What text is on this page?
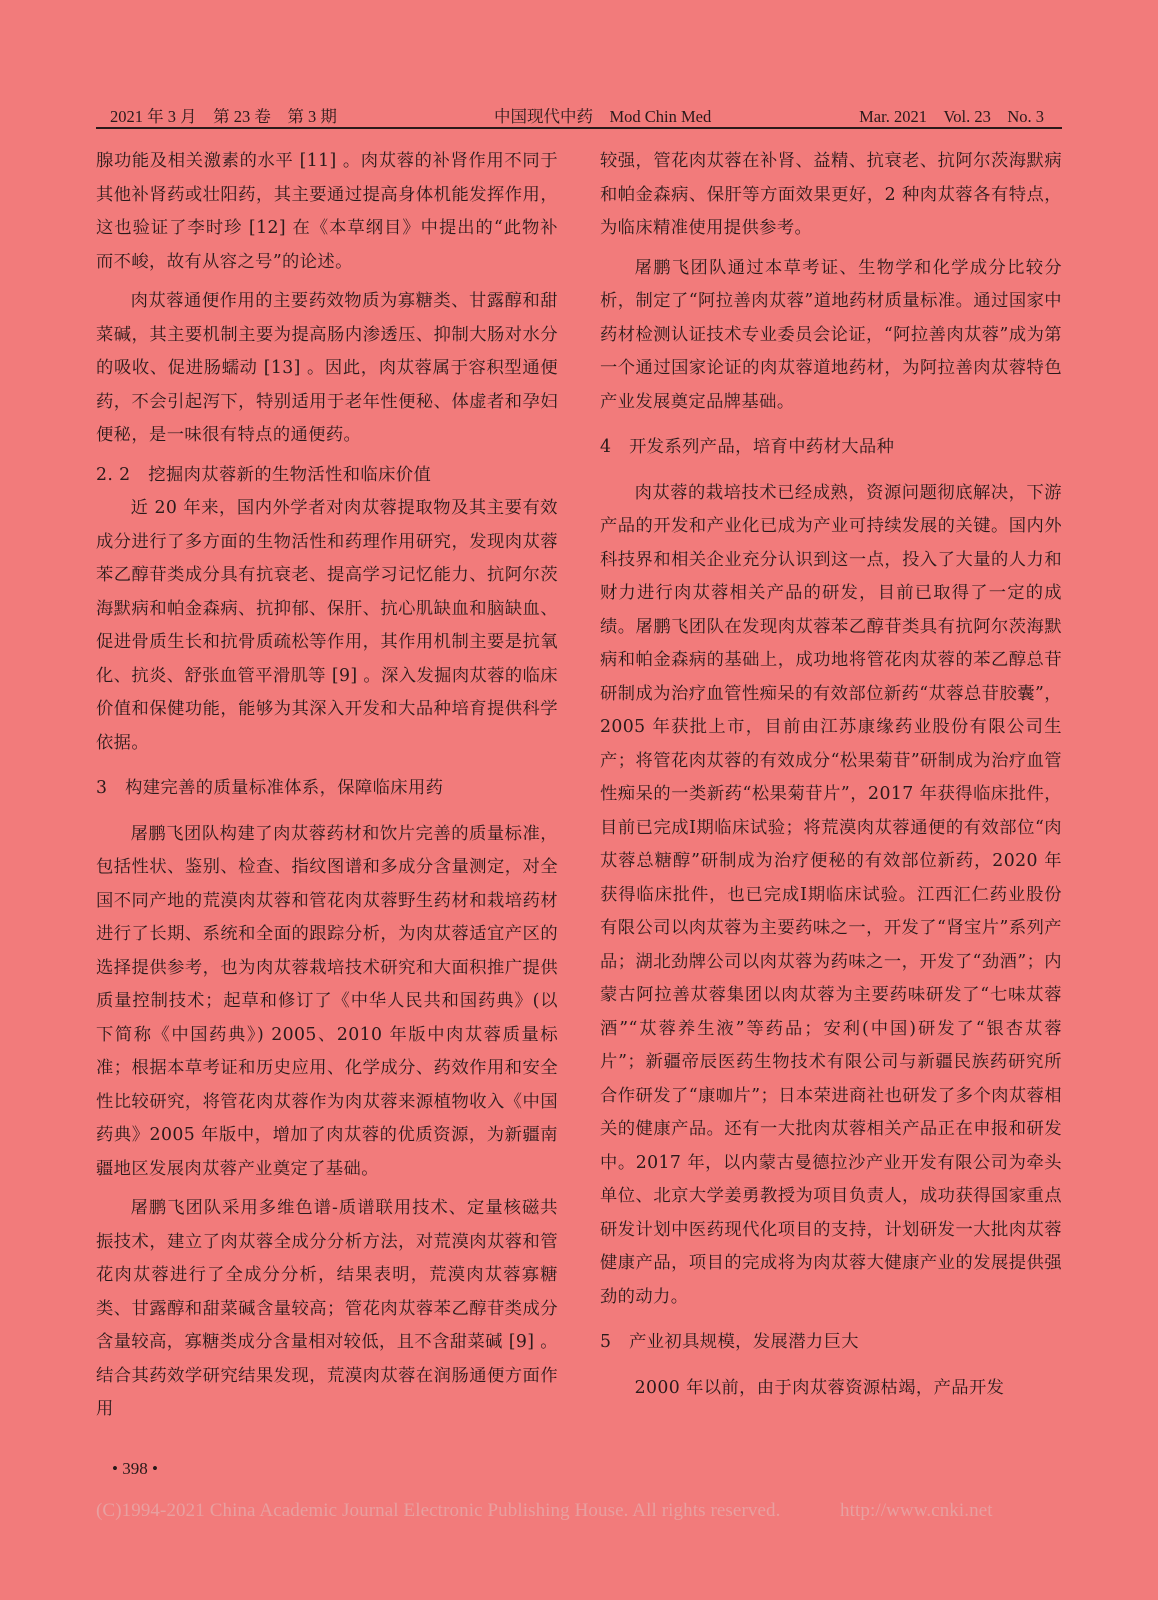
2021 年 3 月　第 23 卷　第 3 期	中国现代中药　Mod Chin Med	Mar. 2021　Vol. 23　No. 3

腺功能及相关激素的水平 [11] 。肉苁蓉的补肾作用不同于其他补肾药或壮阳药，其主要通过提高身体机能发挥作用，这也验证了李时珍 [12] 在《本草纲目》中提出的“此物补而不峻，故有从容之号”的论述。

肉苁蓉通便作用的主要药效物质为寡糖类、甘露醇和甜菜碱，其主要机制主要为提高肠内渗透压、抑制大肠对水分的吸收、促进肠蠕动 [13] 。因此，肉苁蓉属于容积型通便药，不会引起泻下，特别适用于老年性便秘、体虚者和孕妇便秘，是一味很有特点的通便药。

2. 2　挖掘肉苁蓉新的生物活性和临床价值

近 20 年来，国内外学者对肉苁蓉提取物及其主要有效成分进行了多方面的生物活性和药理作用研究，发现肉苁蓉苯乙醇苷类成分具有抗衰老、提高学习记忆能力、抗阿尔茨海默病和帕金森病、抗抑郁、保肝、抗心肌缺血和脑缺血、促进骨质生长和抗骨质疏松等作用，其作用机制主要是抗氧化、抗炎、舒张血管平滑肌等 [9] 。深入发掘肉苁蓉的临床价值和保健功能，能够为其深入开发和大品种培育提供科学依据。

3　构建完善的质量标准体系，保障临床用药

屠鹏飞团队构建了肉苁蓉药材和饮片完善的质量标准，包括性状、鉴别、检查、指纹图谱和多成分含量测定，对全国不同产地的荒漠肉苁蓉和管花肉苁蓉野生药材和栽培药材进行了长期、系统和全面的跟踪分析，为肉苁蓉适宜产区的选择提供参考，也为肉苁蓉栽培技术研究和大面积推广提供质量控制技术；起草和修订了《中华人民共和国药典》(以下简称《中国药典》) 2005、2010 年版中肉苁蓉质量标准；根据本草考证和历史应用、化学成分、药效作用和安全性比较研究，将管花肉苁蓉作为肉苁蓉来源植物收入《中国药典》2005 年版中，增加了肉苁蓉的优质资源，为新疆南疆地区发展肉苁蓉产业奠定了基础。

屠鹏飞团队采用多维色谱-质谱联用技术、定量核磁共振技术，建立了肉苁蓉全成分分析方法，对荒漠肉苁蓉和管花肉苁蓉进行了全成分分析，结果表明，荒漠肉苁蓉寡糖类、甘露醇和甜菜碱含量较高；管花肉苁蓉苯乙醇苷类成分含量较高，寡糖类成分含量相对较低，且不含甜菜碱 [9] 。结合其药效学研究结果发现，荒漠肉苁蓉在润肠通便方面作用

较强，管花肉苁蓉在补肾、益精、抗衰老、抗阿尔茨海默病和帕金森病、保肝等方面效果更好，2 种肉苁蓉各有特点，为临床精准使用提供参考。

屠鹏飞团队通过本草考证、生物学和化学成分比较分析，制定了“阿拉善肉苁蓉”道地药材质量标准。通过国家中药材检测认证技术专业委员会论证，“阿拉善肉苁蓉”成为第一个通过国家论证的肉苁蓉道地药材，为阿拉善肉苁蓉特色产业发展奠定品牌基础。

4　开发系列产品，培育中药材大品种

肉苁蓉的栽培技术已经成熟，资源问题彻底解决，下游产品的开发和产业化已成为产业可持续发展的关键。国内外科技界和相关企业充分认识到这一点，投入了大量的人力和财力进行肉苁蓉相关产品的研发，目前已取得了一定的成绩。屠鹏飞团队在发现肉苁蓉苯乙醇苷类具有抗阿尔茨海默病和帕金森病的基础上，成功地将管花肉苁蓉的苯乙醇总苷研制成为治疗血管性痴呆的有效部位新药“苁蓉总苷胶囊”，2005 年获批上市，目前由江苏康缘药业股份有限公司生产；将管花肉苁蓉的有效成分“松果菊苷”研制成为治疗血管性痴呆的一类新药“松果菊苷片”，2017 年获得临床批件，目前已完成Ⅰ期临床试验；将荒漠肉苁蓉通便的有效部位“肉苁蓉总糖醇”研制成为治疗便秘的有效部位新药，2020 年获得临床批件，也已完成Ⅰ期临床试验。江西汇仁药业股份有限公司以肉苁蓉为主要药味之一，开发了“肾宝片”系列产品；湖北劲牌公司以肉苁蓉为药味之一，开发了“劲酒”；内蒙古阿拉善苁蓉集团以肉苁蓉为主要药味研发了“七味苁蓉酒”“苁蓉养生液”等药品；安利(中国)研发了“银杏苁蓉片”；新疆帝辰医药生物技术有限公司与新疆民族药研究所合作研发了“康咖片”；日本荣进商社也研发了多个肉苁蓉相关的健康产品。还有一大批肉苁蓉相关产品正在申报和研发中。2017 年，以内蒙古曼德拉沙产业开发有限公司为牵头单位、北京大学姜勇教授为项目负责人，成功获得国家重点研发计划中医药现代化项目的支持，计划研发一大批肉苁蓉健康产品，项目的完成将为肉苁蓉大健康产业的发展提供强劲的动力。

5　产业初具规模，发展潜力巨大

2000 年以前，由于肉苁蓉资源枯竭，产品开发

• 398 •
(C)1994-2021 China Academic Journal Electronic Publishing House. All rights reserved.	http://www.cnki.net
